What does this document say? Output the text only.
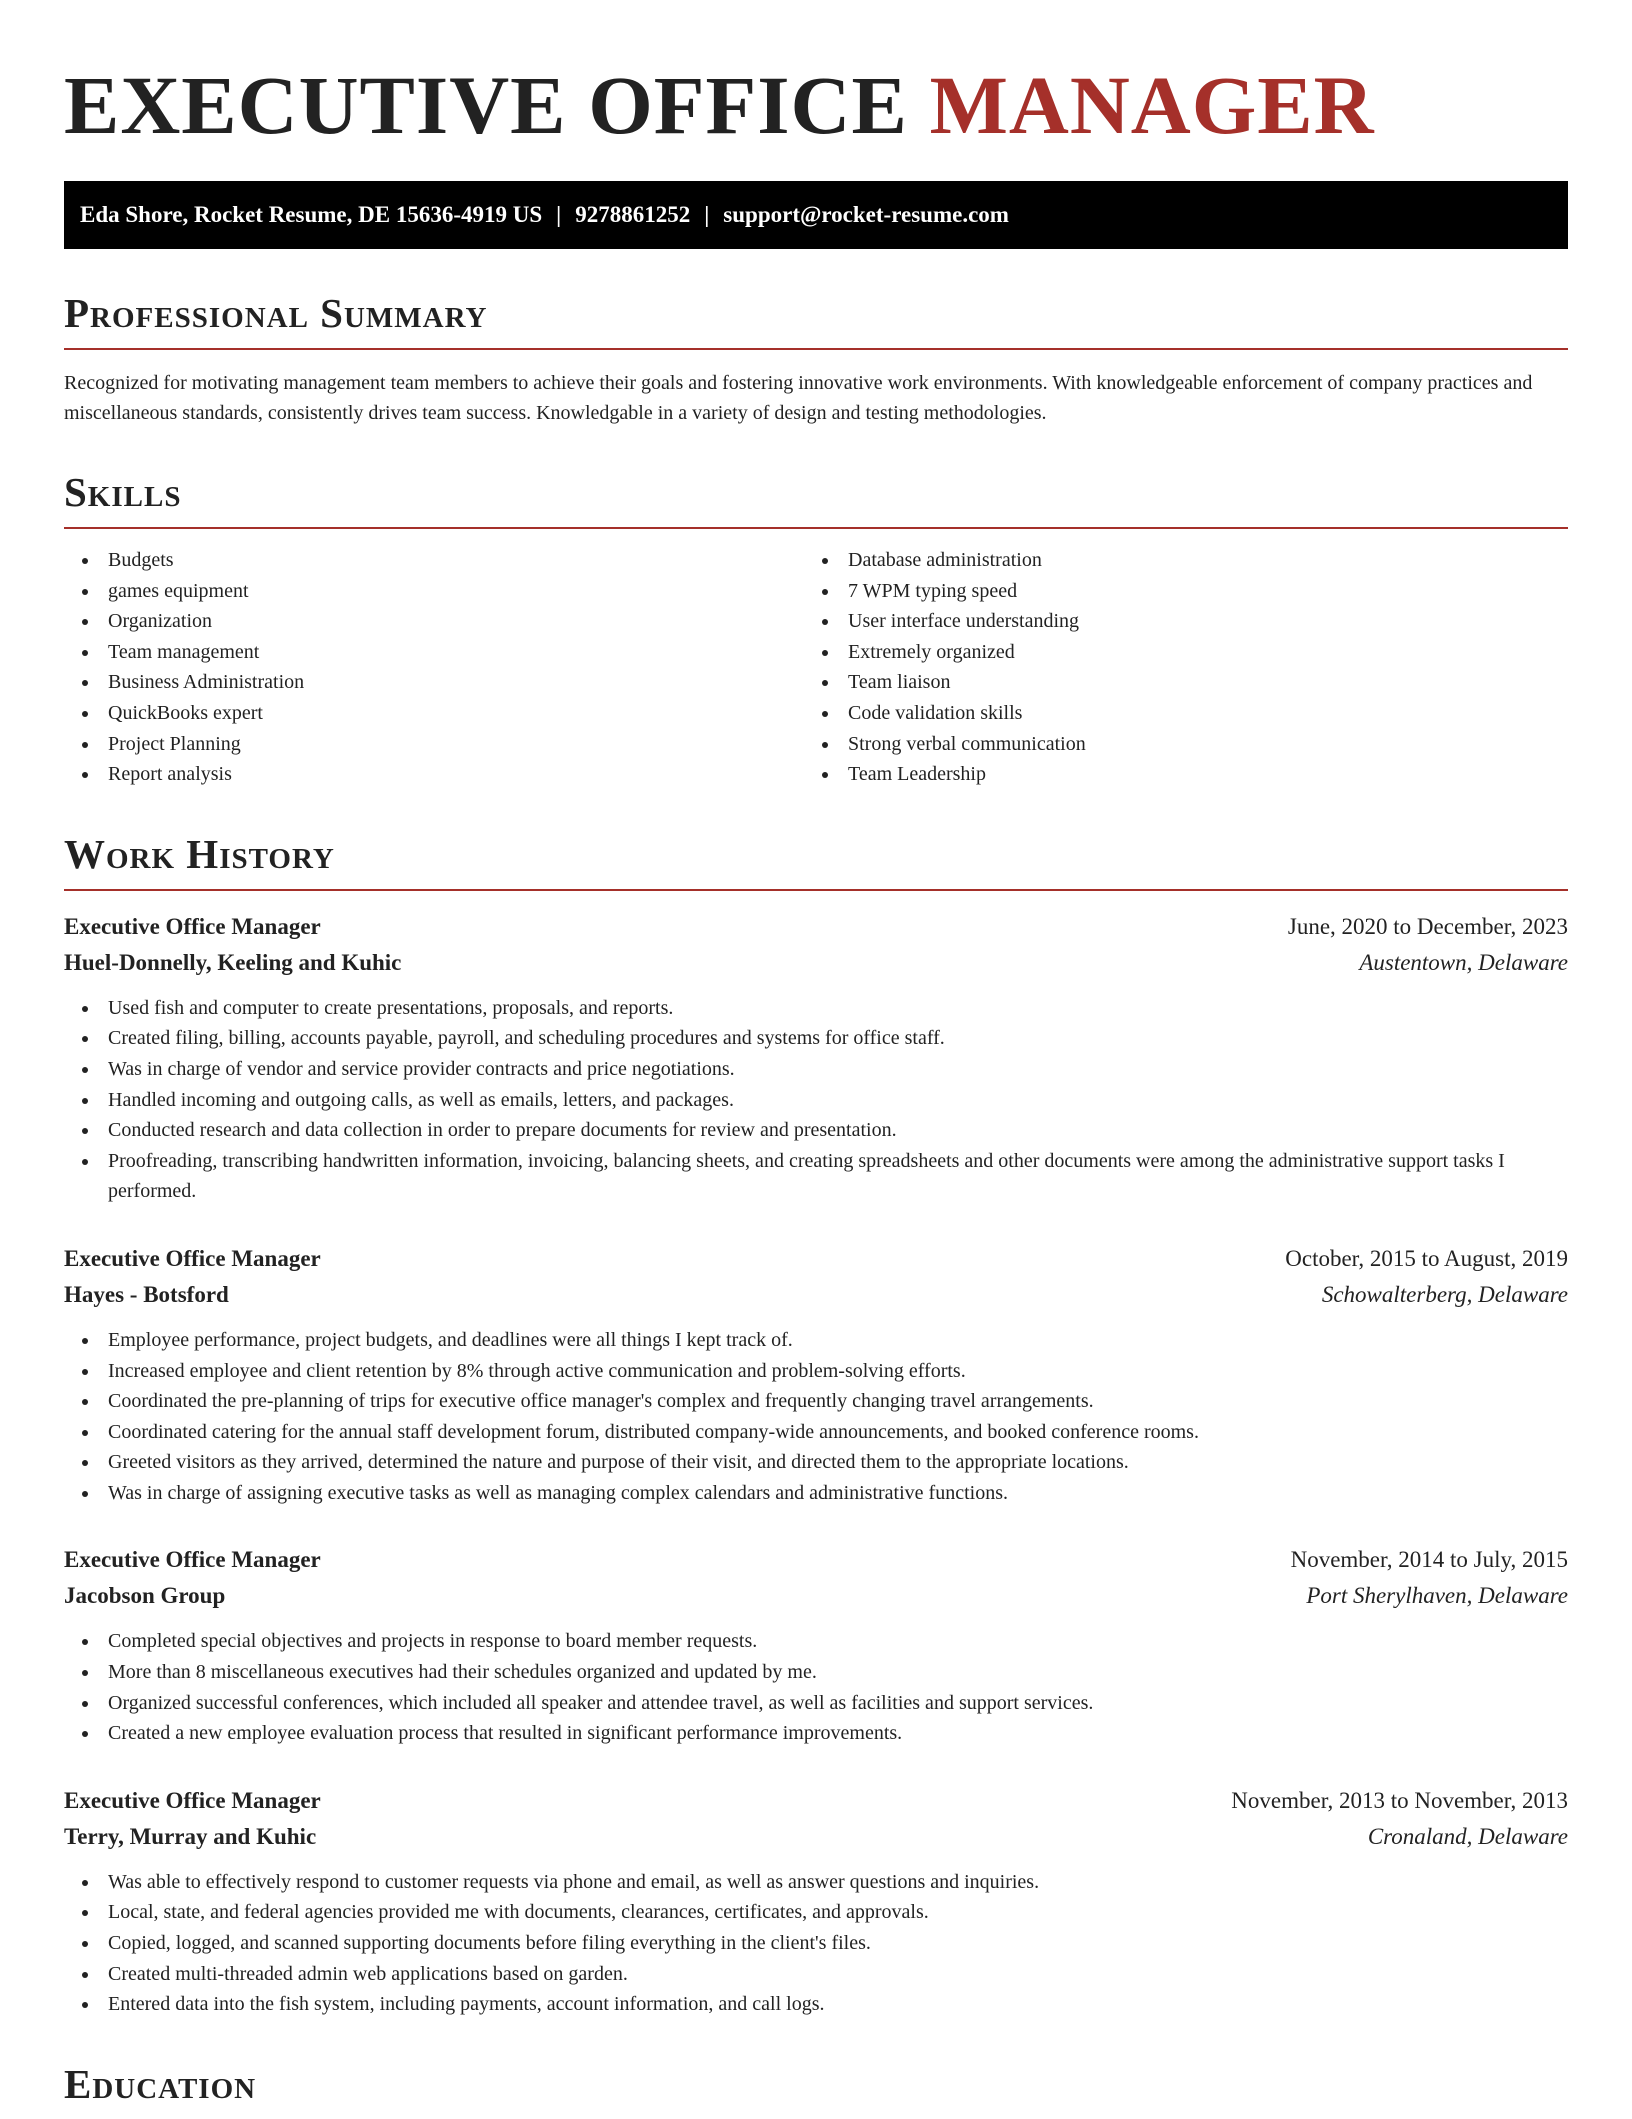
EXECUTIVE OFFICE MANAGER
Eda Shore, Rocket Resume, DE 15636-4919 US | 9278861252 | support@rocket-resume.com
Professional Summary

Recognized for motivating management team members to achieve their goals and fostering innovative work environments. With knowledgeable enforcement of company practices and miscellaneous standards, consistently drives team success. Knowledgable in a variety of design and testing methodologies.

Skills
Budgets
games equipment
Organization
Team management
Business Administration
QuickBooks expert
Project Planning
Report analysis
Database administration
7 WPM typing speed
User interface understanding
Extremely organized
Team liaison
Code validation skills
Strong verbal communication
Team Leadership
Work History
Executive Office Manager	June, 2020 to December, 2023
Huel-Donnelly, Keeling and Kuhic	Austentown, Delaware
Used fish and computer to create presentations, proposals, and reports.
Created filing, billing, accounts payable, payroll, and scheduling procedures and systems for office staff.
Was in charge of vendor and service provider contracts and price negotiations.
Handled incoming and outgoing calls, as well as emails, letters, and packages.
Conducted research and data collection in order to prepare documents for review and presentation.
Proofreading, transcribing handwritten information, invoicing, balancing sheets, and creating spreadsheets and other documents were among the administrative support tasks I performed.
Executive Office Manager	October, 2015 to August, 2019
Hayes - Botsford	Schowalterberg, Delaware
Employee performance, project budgets, and deadlines were all things I kept track of.
Increased employee and client retention by 8% through active communication and problem-solving efforts.
Coordinated the pre-planning of trips for executive office manager's complex and frequently changing travel arrangements.
Coordinated catering for the annual staff development forum, distributed company-wide announcements, and booked conference rooms.
Greeted visitors as they arrived, determined the nature and purpose of their visit, and directed them to the appropriate locations.
Was in charge of assigning executive tasks as well as managing complex calendars and administrative functions.
Executive Office Manager	November, 2014 to July, 2015
Jacobson Group	Port Sherylhaven, Delaware
Completed special objectives and projects in response to board member requests.
More than 8 miscellaneous executives had their schedules organized and updated by me.
Organized successful conferences, which included all speaker and attendee travel, as well as facilities and support services.
Created a new employee evaluation process that resulted in significant performance improvements.
Executive Office Manager	November, 2013 to November, 2013
Terry, Murray and Kuhic	Cronaland, Delaware
Was able to effectively respond to customer requests via phone and email, as well as answer questions and inquiries.
Local, state, and federal agencies provided me with documents, clearances, certificates, and approvals.
Copied, logged, and scanned supporting documents before filing everything in the client's files.
Created multi-threaded admin web applications based on garden.
Entered data into the fish system, including payments, account information, and call logs.
Education
